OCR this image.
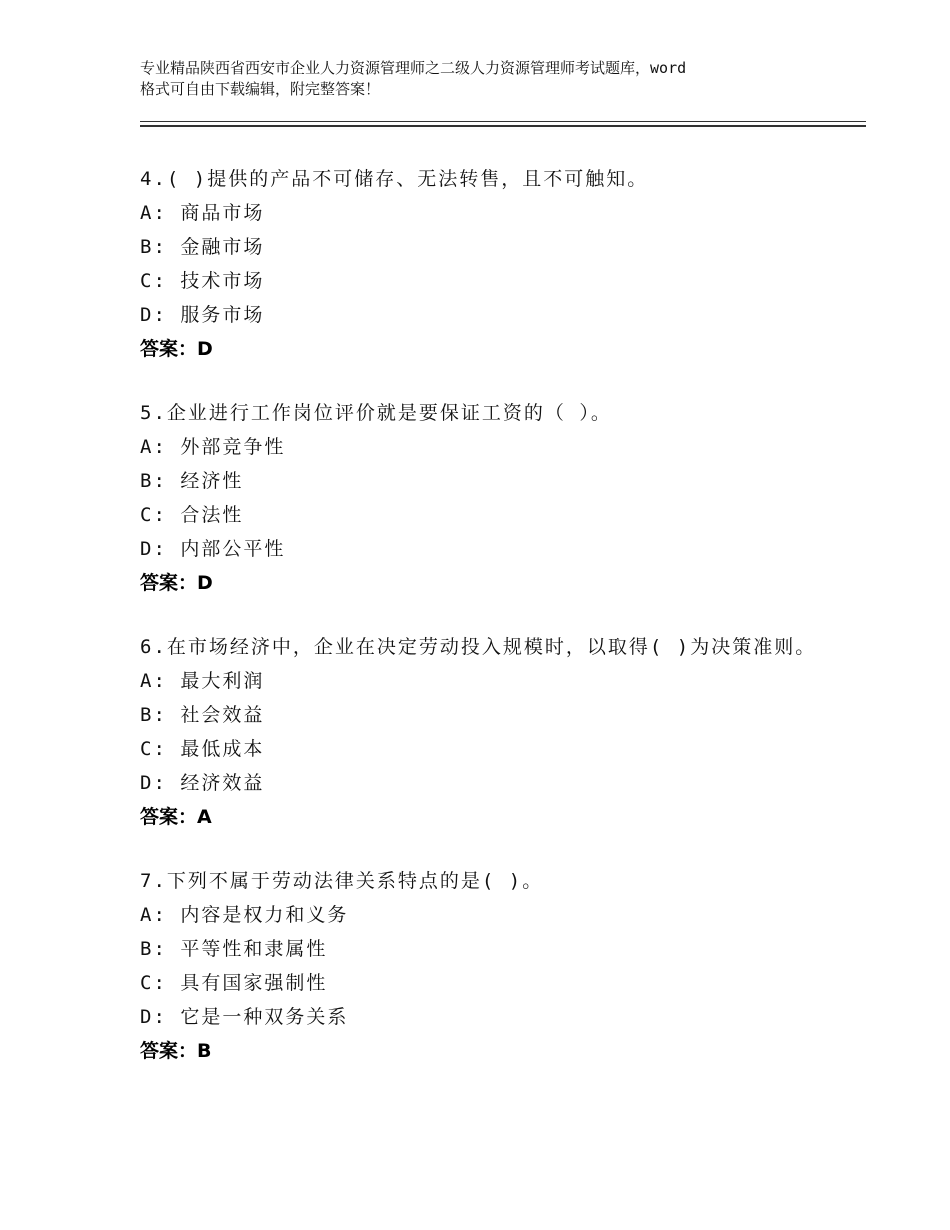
专业精品陕西省西安市企业人力资源管理师之二级人力资源管理师考试题库，word
格式可自由下载编辑，附完整答案！
4.( )提供的产品不可储存、无法转售，且不可触知。
A: 商品市场
B: 金融市场
C: 技术市场
D: 服务市场
答案：D
5.企业进行工作岗位评价就是要保证工资的（ ）。
A: 外部竞争性
B: 经济性
C: 合法性
D: 内部公平性
答案：D
6.在市场经济中，企业在决定劳动投入规模时，以取得( )为决策准则。
A: 最大利润
B: 社会效益
C: 最低成本
D: 经济效益
答案：A
7.下列不属于劳动法律关系特点的是( )。
A: 内容是权力和义务
B: 平等性和隶属性
C: 具有国家强制性
D: 它是一种双务关系
答案：B
